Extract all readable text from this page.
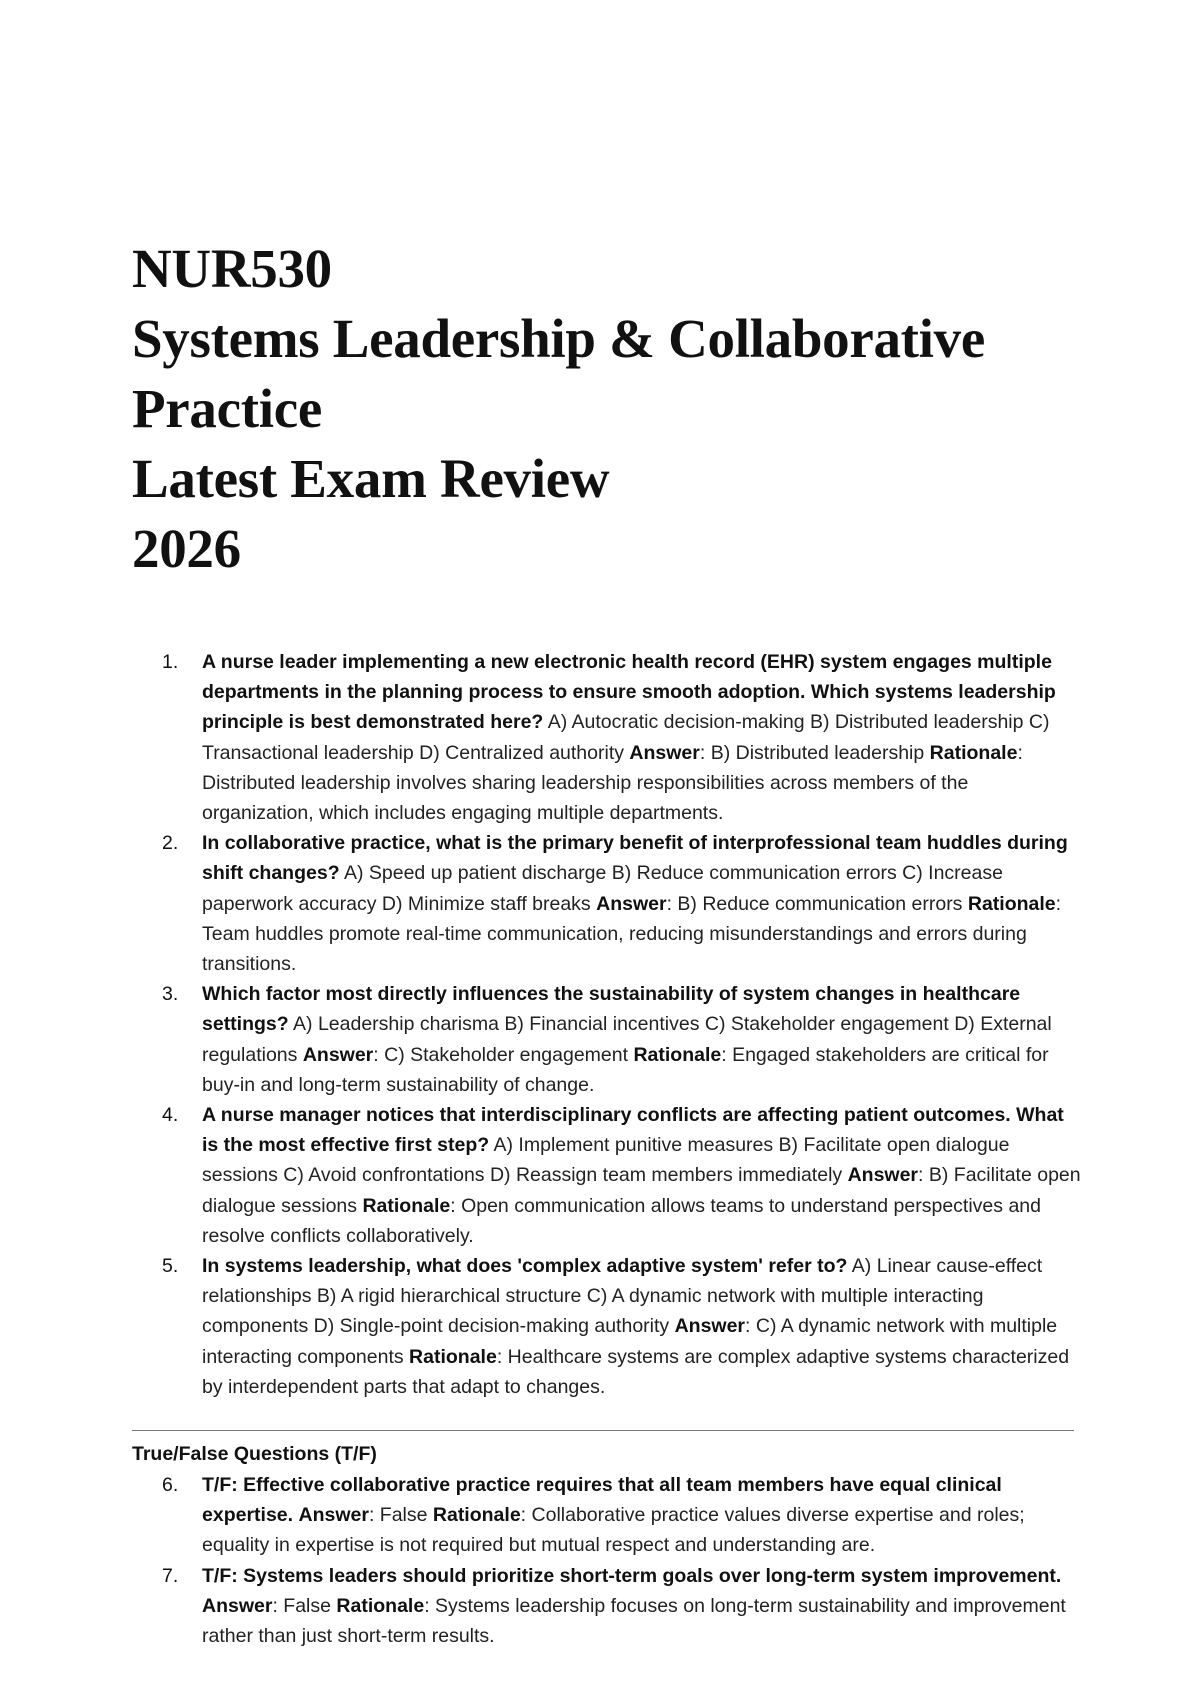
NUR530
Systems Leadership & Collaborative
Practice
Latest Exam Review
2026
1.	A nurse leader implementing a new electronic health record (EHR) system engages multiple departments in the planning process to ensure smooth adoption. Which systems leadership principle is best demonstrated here? A) Autocratic decision-making B) Distributed leadership C) Transactional leadership D) Centralized authority Answer: B) Distributed leadership Rationale: Distributed leadership involves sharing leadership responsibilities across members of the organization, which includes engaging multiple departments.
2.	In collaborative practice, what is the primary benefit of interprofessional team huddles during shift changes? A) Speed up patient discharge B) Reduce communication errors C) Increase paperwork accuracy D) Minimize staff breaks Answer: B) Reduce communication errors Rationale: Team huddles promote real-time communication, reducing misunderstandings and errors during transitions.
3.	Which factor most directly influences the sustainability of system changes in healthcare settings? A) Leadership charisma B) Financial incentives C) Stakeholder engagement D) External regulations Answer: C) Stakeholder engagement Rationale: Engaged stakeholders are critical for buy-in and long-term sustainability of change.
4.	A nurse manager notices that interdisciplinary conflicts are affecting patient outcomes. What is the most effective first step? A) Implement punitive measures B) Facilitate open dialogue sessions C) Avoid confrontations D) Reassign team members immediately Answer: B) Facilitate open dialogue sessions Rationale: Open communication allows teams to understand perspectives and resolve conflicts collaboratively.
5.	In systems leadership, what does 'complex adaptive system' refer to? A) Linear cause-effect relationships B) A rigid hierarchical structure C) A dynamic network with multiple interacting components D) Single-point decision-making authority Answer: C) A dynamic network with multiple interacting components Rationale: Healthcare systems are complex adaptive systems characterized by interdependent parts that adapt to changes.
True/False Questions (T/F)
6.	T/F: Effective collaborative practice requires that all team members have equal clinical expertise. Answer: False Rationale: Collaborative practice values diverse expertise and roles; equality in expertise is not required but mutual respect and understanding are.
7.	T/F: Systems leaders should prioritize short-term goals over long-term system improvement. Answer: False Rationale: Systems leadership focuses on long-term sustainability and improvement rather than just short-term results.
